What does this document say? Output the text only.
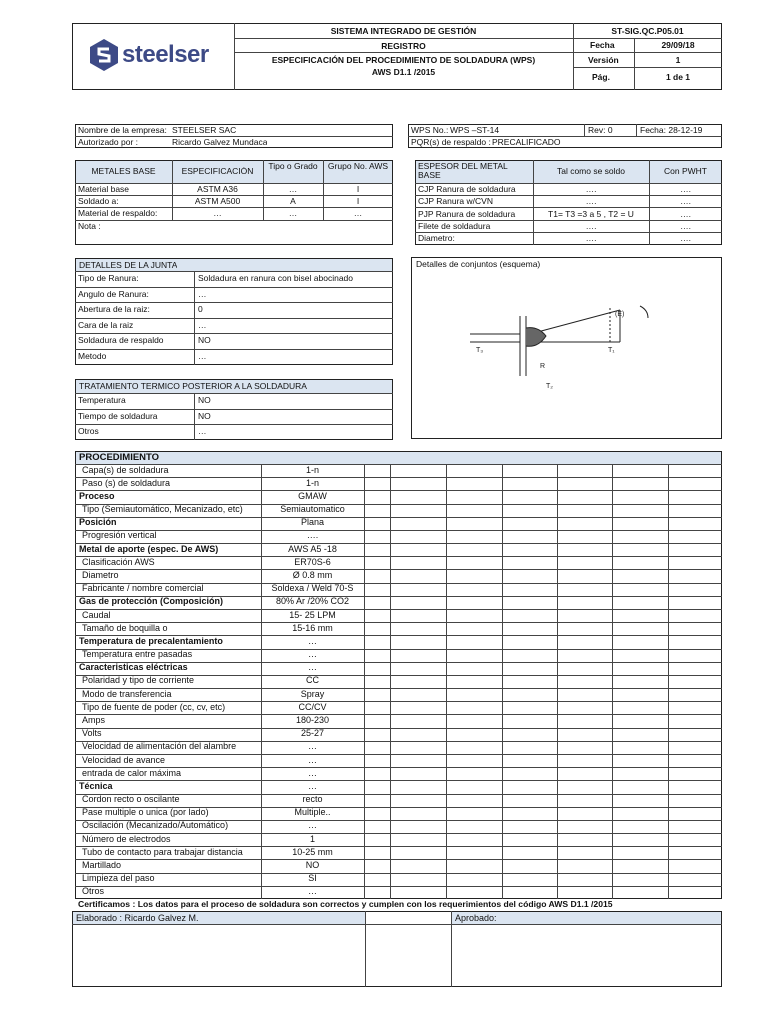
steelser
SISTEMA INTEGRADO DE GESTIÓN
REGISTRO
ESPECIFICACIÓN DEL PROCEDIMIENTO DE SOLDADURA (WPS)
AWS D1.1 /2015
ST-SIG.QC.P05.01
Fecha	29/09/18
Versión	1
Pág.	1 de 1
Nombre de la empresa: STEELSER SAC
Autorizado por :	Ricardo Galvez Mundaca
WPS No.: WPS –ST-14	Rev: 0	Fecha: 28-12-19
PQR(s) de respaldo : PRECALIFICADO
METALES BASE	ESPECIFICACIÓN	Tipo o Grado	Grupo No. AWS
Material base	ASTM A36	…	I
Soldado a:	ASTM A500	A	I
Material de respaldo:	…	…	…
Nota :
ESPESOR DEL METAL BASE	Tal como se soldo	Con PWHT
CJP Ranura de soldadura	….	….
CJP Ranura w/CVN	….	….
PJP Ranura de soldadura	T1= T3 =3 a 5 , T2 = U	….
Filete de soldadura	….	….
Diametro:	….	….
DETALLES DE LA JUNTA
Tipo de Ranura:	Soldadura en ranura con bisel abocinado
Angulo de Ranura:	…
Abertura de la raiz:	0
Cara de la raiz	…
Soldadura de respaldo	NO
Metodo	…
Detalles de conjuntos (esquema)
(E)
T₃
R
T₁
T₂
TRATAMIENTO TERMICO POSTERIOR A LA SOLDADURA
Temperatura	NO
Tiempo de soldadura	NO
Otros	…
PROCEDIMIENTO
Capa(s) de soldadura	1-n
Paso (s) de soldadura	1-n
Proceso	GMAW
Tipo (Semiautomático, Mecanizado, etc)	Semiautomatico
Posición	Plana
Progresión vertical	….
Metal de aporte (espec. De AWS)	AWS A5 -18
Clasificación AWS	ER70S-6
Diametro	Ø 0.8 mm
Fabricante / nombre comercial	Soldexa / Weld 70-S
Gas de protección (Composición)	80% Ar /20% CO2
Caudal	15- 25 LPM
Tamaño de boquilla o	15-16 mm
Temperatura de precalentamiento	…
Temperatura entre pasadas	…
Caracteristicas eléctricas	…
Polaridad y tipo de corriente	CC
Modo de transferencia	Spray
Tipo de fuente de poder (cc, cv, etc)	CC/CV
Amps	180-230
Volts	25-27
Velocidad de alimentación del alambre	…
Velocidad de avance	…
entrada de calor máxima	…
Técnica	…
Cordon recto o oscilante	recto
Pase multiple o unica (por lado)	Multiple..
Oscilación (Mecanizado/Automático)	…
Número de electrodos	1
Tubo de contacto para trabajar distancia	10-25 mm
Martillado	NO
Limpieza del paso	SI
Otros	…
Certificamos : Los datos para el proceso de soldadura son correctos y cumplen con los requerimientos del código AWS D1.1 /2015
Elaborado : Ricardo Galvez M.	Aprobado:
